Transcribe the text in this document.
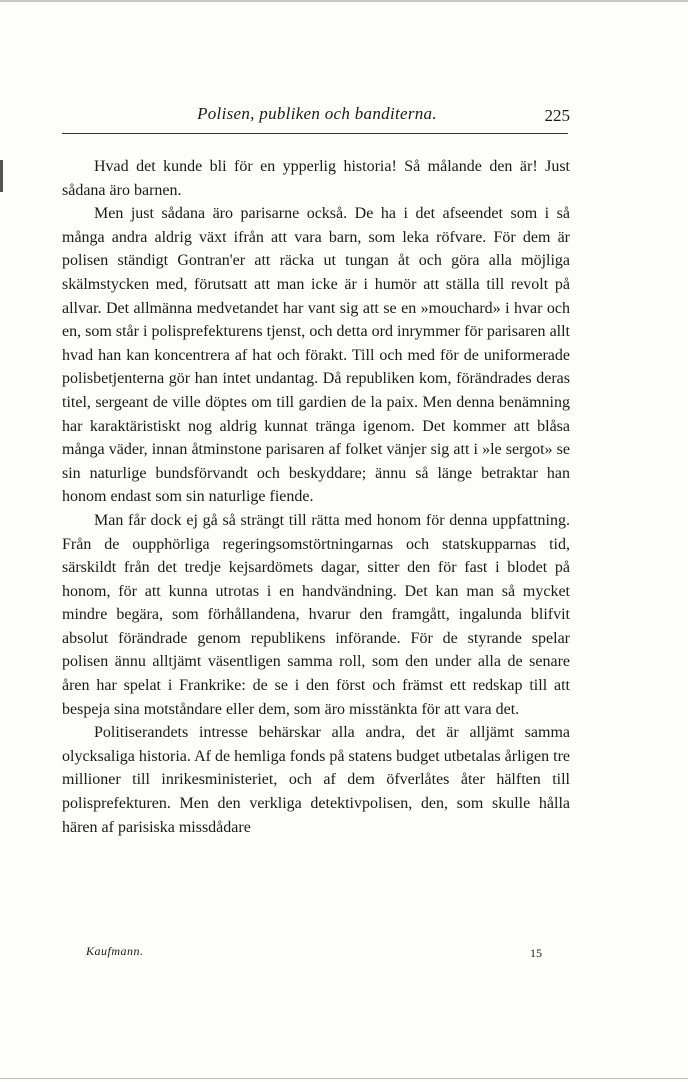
Polisen, publiken och banditerna.	225

Hvad det kunde bli för en ypperlig historia! Så målande den är! Just sådana äro barnen.

Men just sådana äro parisarne också. De ha i det afseendet som i så många andra aldrig växt ifrån att vara barn, som leka röfvare. För dem är polisen ständigt Gontran'er att räcka ut tungan åt och göra alla möjliga skälmstycken med, förutsatt att man icke är i humör att ställa till revolt på allvar. Det allmänna medvetandet har vant sig att se en »mouchard» i hvar och en, som står i polisprefekturens tjenst, och detta ord inrymmer för parisaren allt hvad han kan koncentrera af hat och förakt. Till och med för de uniformerade polisbetjenterna gör han intet undantag. Då republiken kom, förändrades deras titel, sergeant de ville döptes om till gardien de la paix. Men denna benämning har karaktäristiskt nog aldrig kunnat tränga igenom. Det kommer att blåsa många väder, innan åtminstone parisaren af folket vänjer sig att i »le sergot» se sin naturlige bundsförvandt och beskyddare; ännu så länge betraktar han honom endast som sin naturlige fiende.

Man får dock ej gå så strängt till rätta med honom för denna uppfattning. Från de oupphörliga regeringsomstörtningarnas och statskupparnas tid, särskildt från det tredje kejsardömets dagar, sitter den för fast i blodet på honom, för att kunna utrotas i en handvändning. Det kan man så mycket mindre begära, som förhållandena, hvarur den framgått, ingalunda blifvit absolut förändrade genom republikens införande. För de styrande spelar polisen ännu alltjämt väsentligen samma roll, som den under alla de senare åren har spelat i Frankrike: de se i den först och främst ett redskap till att bespeja sina motståndare eller dem, som äro misstänkta för att vara det.

Politiserandets intresse behärskar alla andra, det är alljämt samma olycksaliga historia. Af de hemliga fonds på statens budget utbetalas årligen tre millioner till inrikesministeriet, och af dem öfverlåtes åter hälften till polisprefekturen. Men den verkliga detektivpolisen, den, som skulle hålla hären af parisiska missdådare

Kaufmann.	15
